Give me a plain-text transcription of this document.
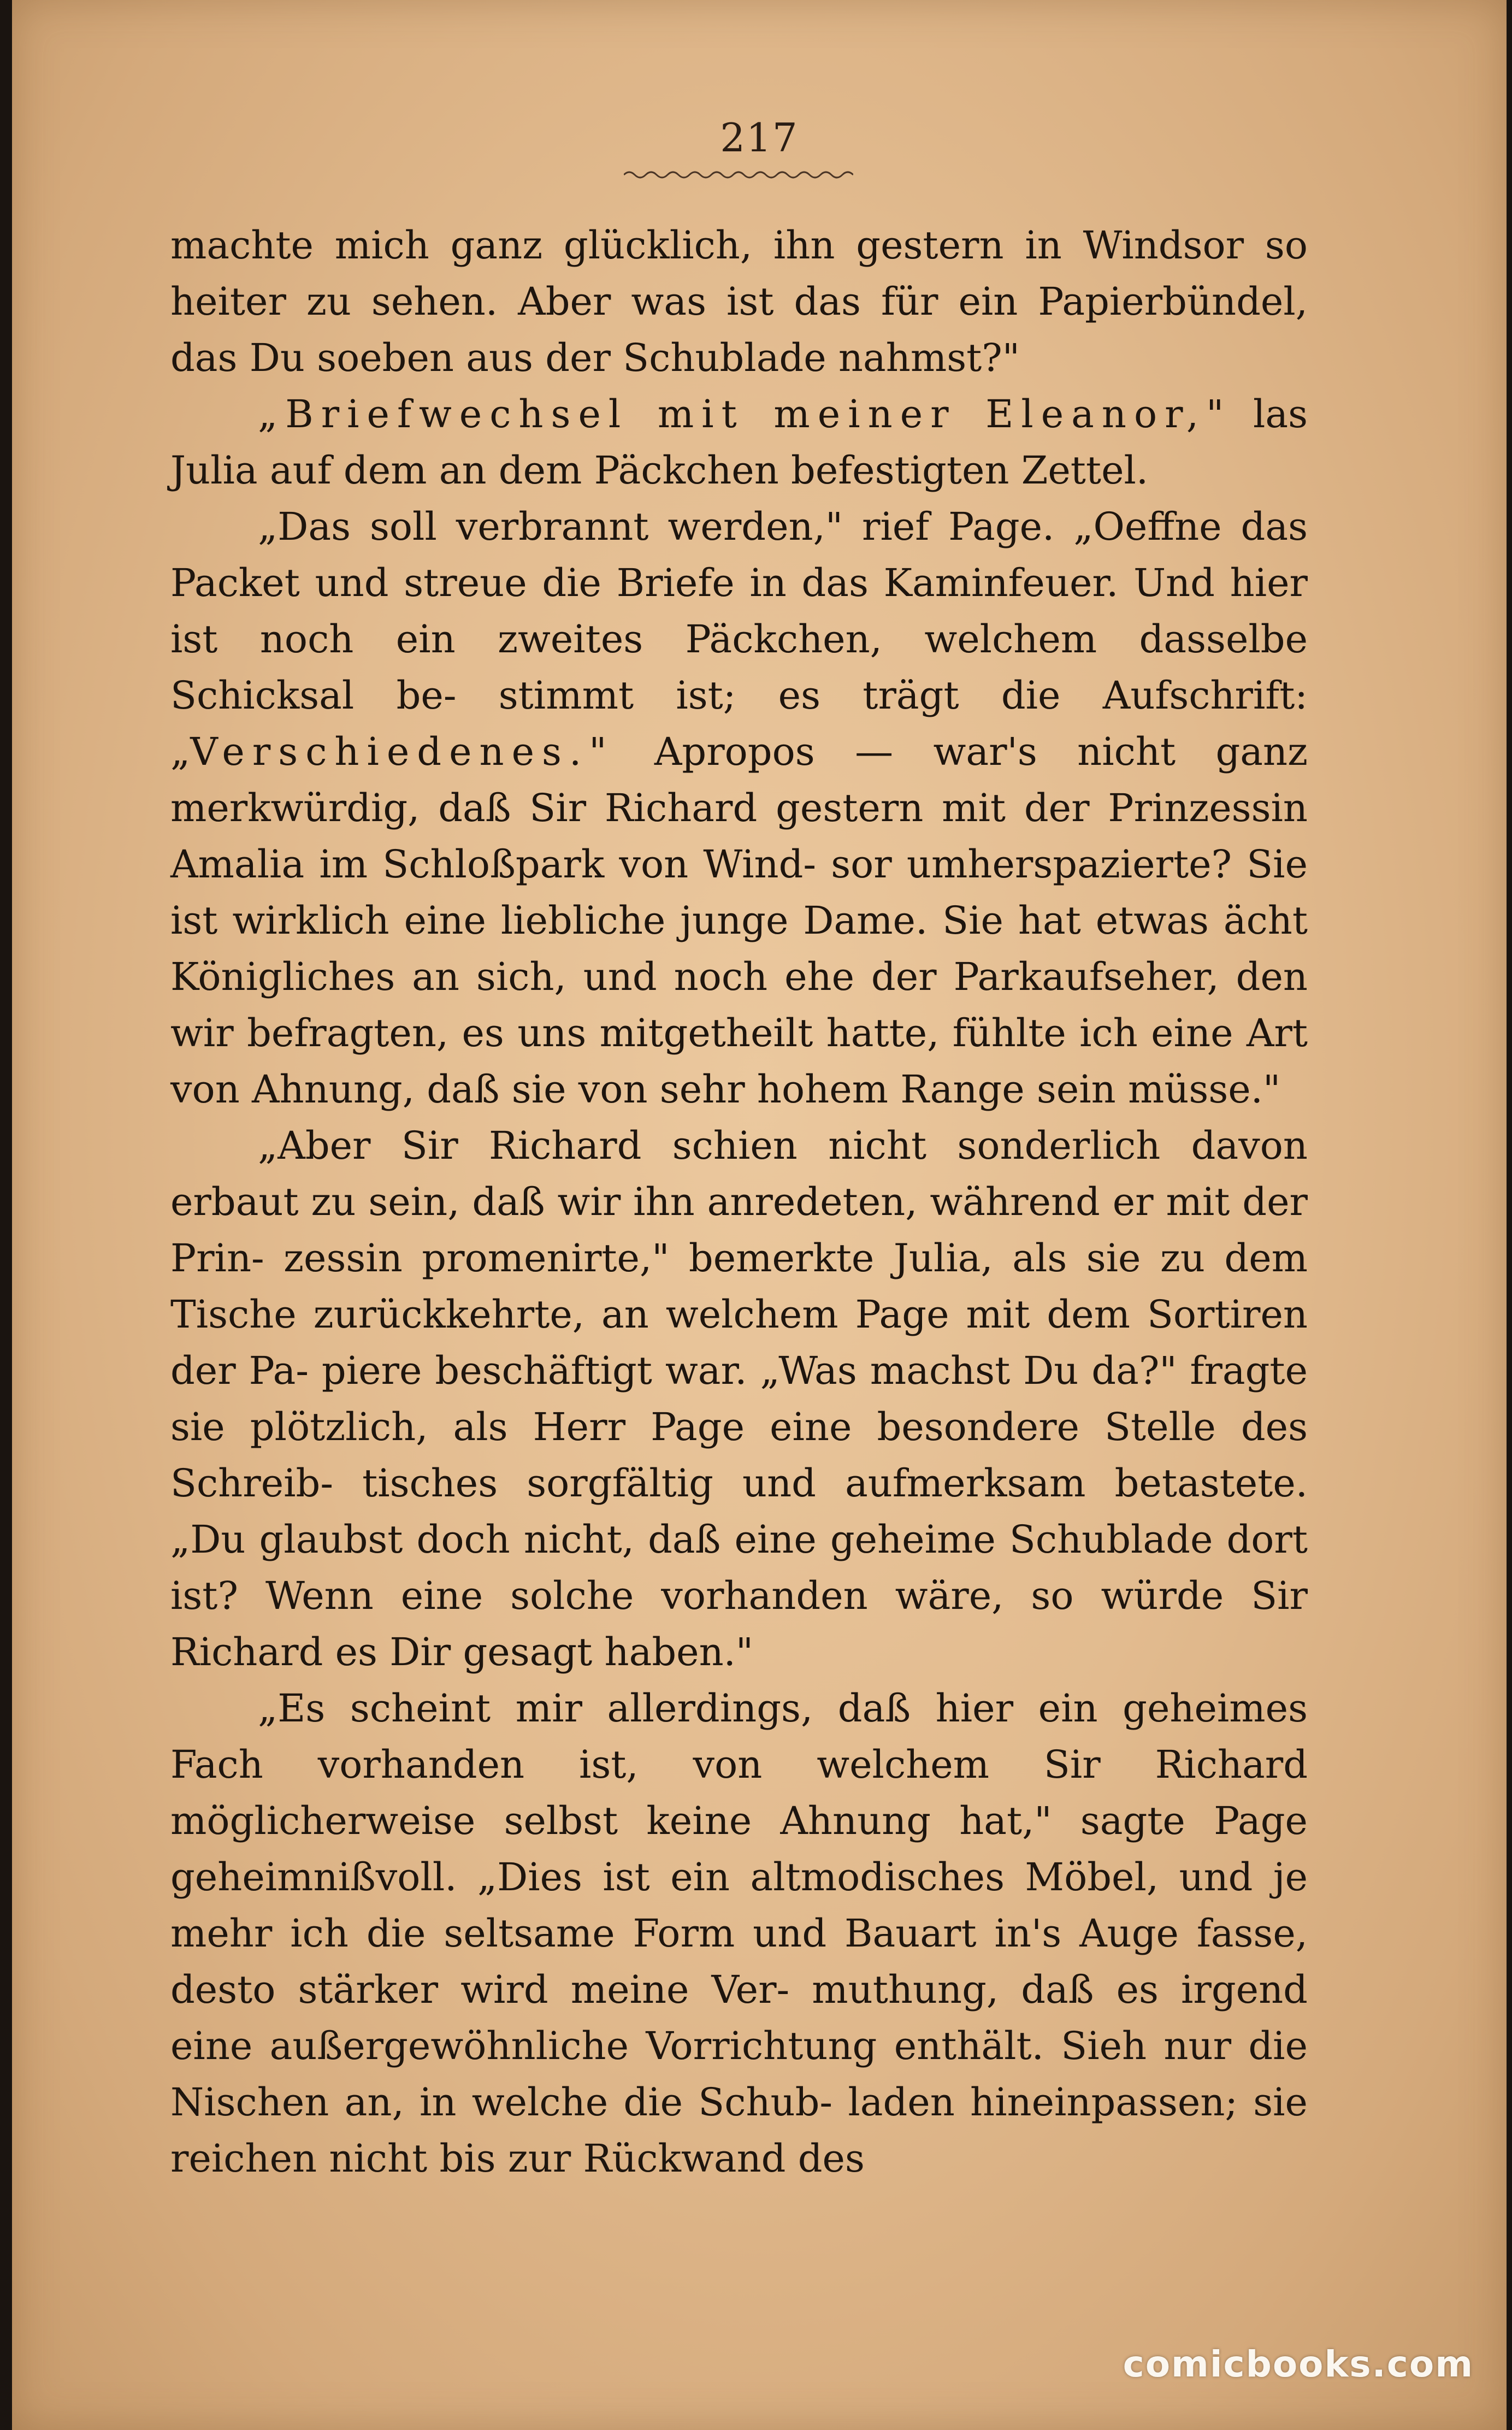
217

machte mich ganz glücklich, ihn gestern in Windsor so heiter zu sehen. Aber was ist das für ein Papierbündel, das Du soeben aus der Schublade nahmst?"

„Briefwechsel mit meiner Eleanor," las Julia auf dem an dem Päckchen befestigten Zettel.

„Das soll verbrannt werden," rief Page. „Oeffne das Packet und streue die Briefe in das Kaminfeuer. Und hier ist noch ein zweites Päckchen, welchem dasselbe Schicksal be- stimmt ist; es trägt die Aufschrift: „Verschiedenes." Apropos — war's nicht ganz merkwürdig, daß Sir Richard gestern mit der Prinzessin Amalia im Schloßpark von Wind- sor umherspazierte? Sie ist wirklich eine liebliche junge Dame. Sie hat etwas ächt Königliches an sich, und noch ehe der Parkaufseher, den wir befragten, es uns mitgetheilt hatte, fühlte ich eine Art von Ahnung, daß sie von sehr hohem Range sein müsse."

„Aber Sir Richard schien nicht sonderlich davon erbaut zu sein, daß wir ihn anredeten, während er mit der Prin- zessin promenirte," bemerkte Julia, als sie zu dem Tische zurückkehrte, an welchem Page mit dem Sortiren der Pa- piere beschäftigt war. „Was machst Du da?" fragte sie plötzlich, als Herr Page eine besondere Stelle des Schreib- tisches sorgfältig und aufmerksam betastete. „Du glaubst doch nicht, daß eine geheime Schublade dort ist? Wenn eine solche vorhanden wäre, so würde Sir Richard es Dir gesagt haben."

„Es scheint mir allerdings, daß hier ein geheimes Fach vorhanden ist, von welchem Sir Richard möglicherweise selbst keine Ahnung hat," sagte Page geheimnißvoll. „Dies ist ein altmodisches Möbel, und je mehr ich die seltsame Form und Bauart in's Auge fasse, desto stärker wird meine Ver- muthung, daß es irgend eine außergewöhnliche Vorrichtung enthält. Sieh nur die Nischen an, in welche die Schub- laden hineinpassen; sie reichen nicht bis zur Rückwand des

comicbooks.com
